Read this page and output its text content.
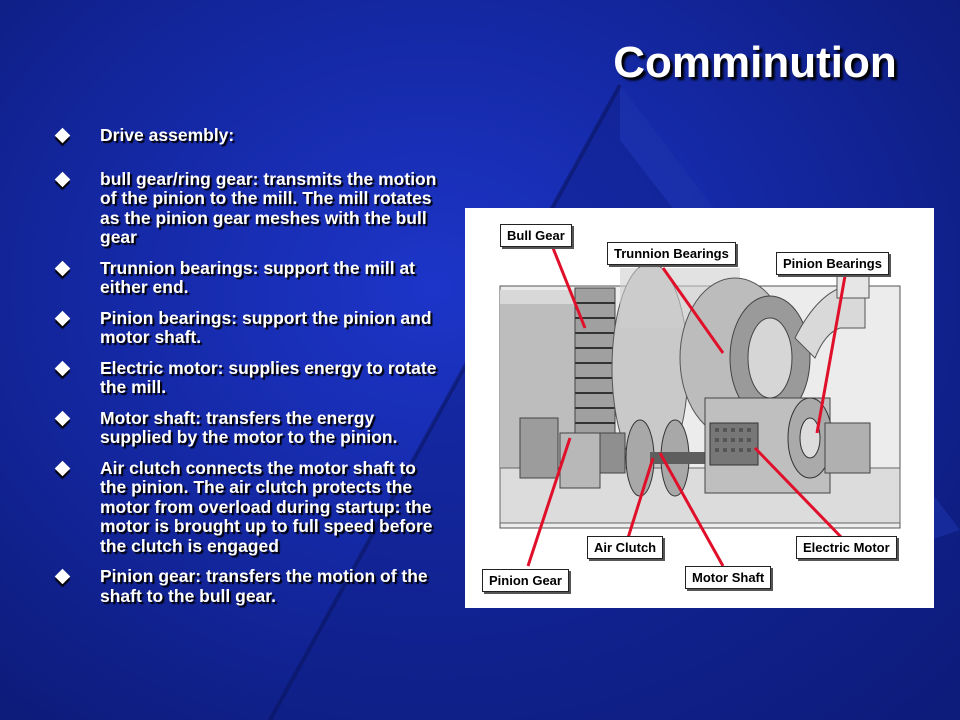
Comminution
Drive assembly:
bull gear/ring gear: transmits the motion of the pinion to the mill. The mill rotates as the pinion gear meshes with the bull gear
Trunnion bearings: support the mill at either end.
Pinion bearings: support the pinion and motor shaft.
Electric motor: supplies energy to rotate the mill.
Motor shaft: transfers the energy supplied by the motor to the pinion.
Air clutch connects the motor shaft to the pinion. The air clutch protects the motor from overload during startup: the motor is brought up to full speed before the clutch is engaged
Pinion gear: transfers the motion of the shaft to the bull gear.
Bull Gear
Trunnion Bearings
Pinion Bearings
Air Clutch	Electric Motor
Pinion Gear	Motor Shaft
